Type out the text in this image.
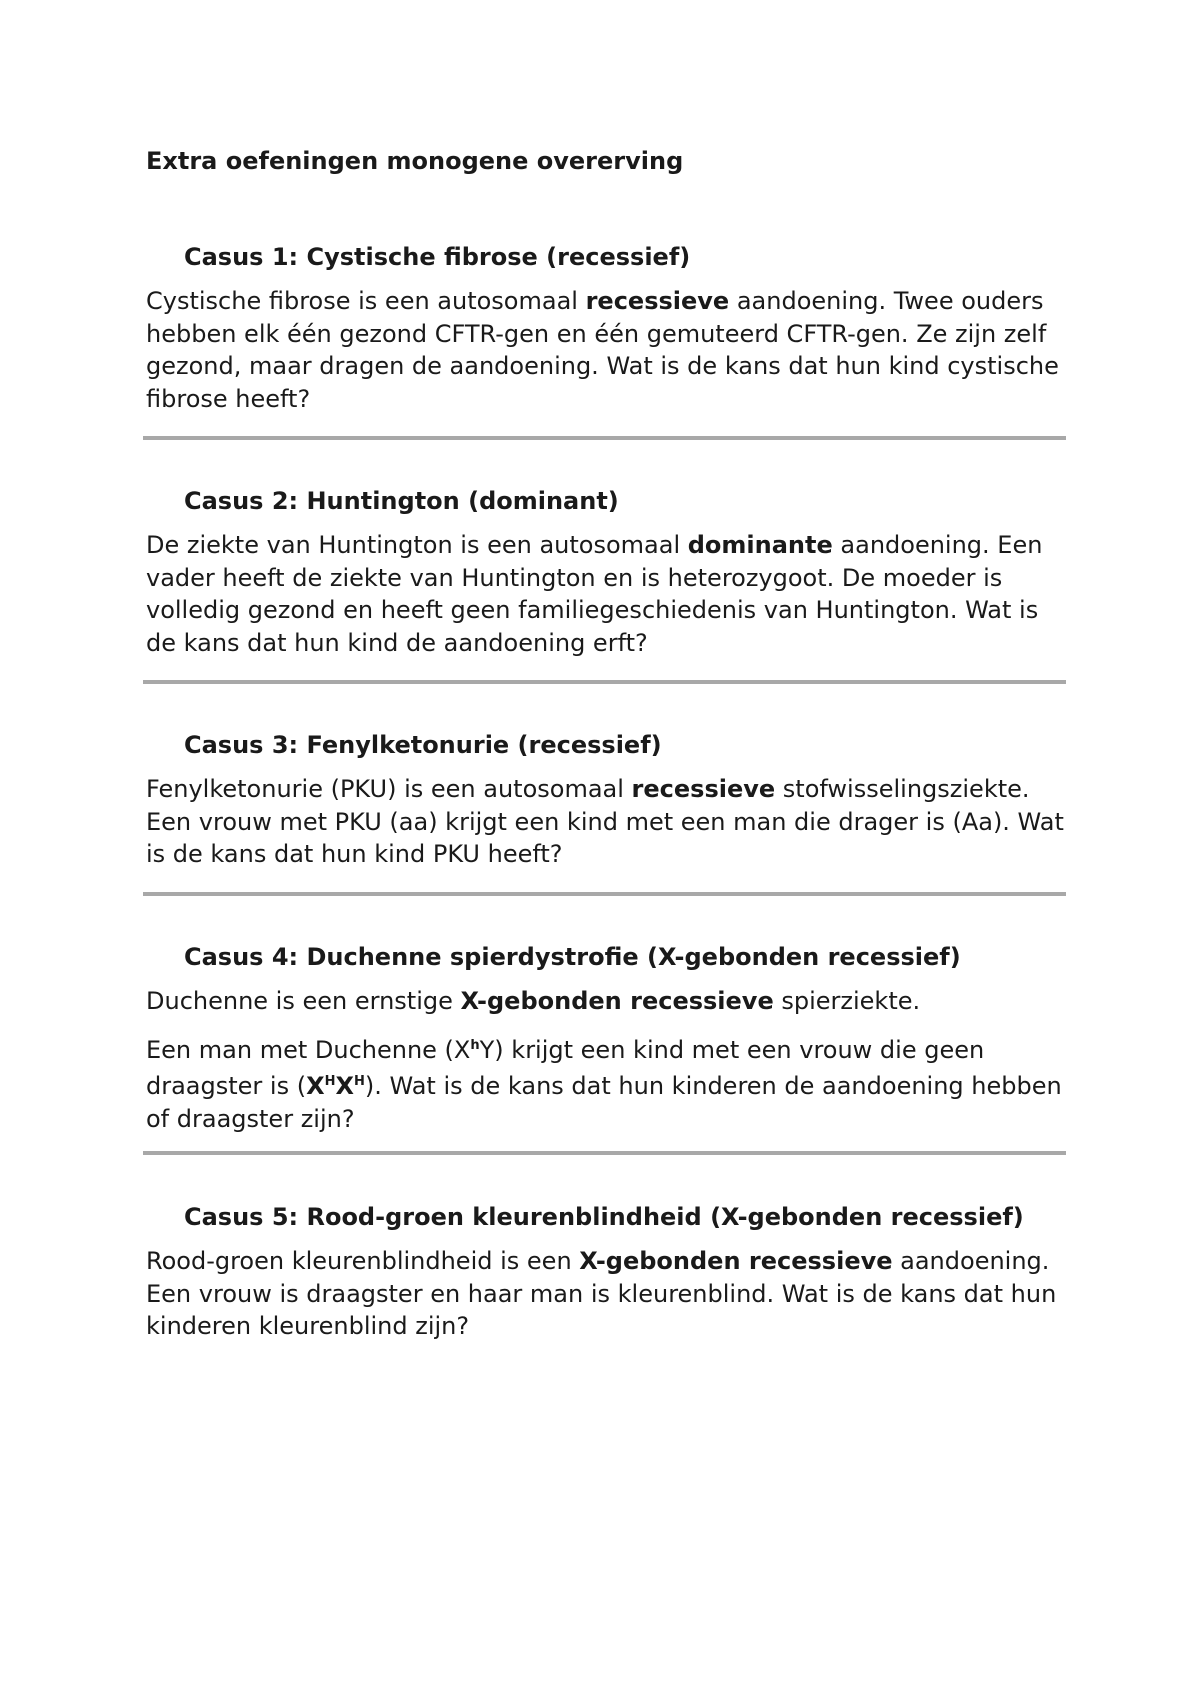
Extra oefeningen monogene overerving
Casus 1: Cystische fibrose (recessief)

Cystische fibrose is een autosomaal recessieve aandoening. Twee ouders hebben elk één gezond CFTR-gen en één gemuteerd CFTR-gen. Ze zijn zelf gezond, maar dragen de aandoening. Wat is de kans dat hun kind cystische fibrose heeft?

Casus 2: Huntington (dominant)

De ziekte van Huntington is een autosomaal dominante aandoening. Een vader heeft de ziekte van Huntington en is heterozygoot. De moeder is volledig gezond en heeft geen familiegeschiedenis van Huntington. Wat is de kans dat hun kind de aandoening erft?

Casus 3: Fenylketonurie (recessief)

Fenylketonurie (PKU) is een autosomaal recessieve stofwisselingsziekte. Een vrouw met PKU (aa) krijgt een kind met een man die drager is (Aa). Wat is de kans dat hun kind PKU heeft?

Casus 4: Duchenne spierdystrofie (X-gebonden recessief)

Duchenne is een ernstige X-gebonden recessieve spierziekte.

Een man met Duchenne $(X^hY)$ krijgt een kind met een vrouw die geen draagster is $(X^HX^H)$. Wat is de kans dat hun kinderen de aandoening hebben of draagster zijn?

Casus 5: Rood-groen kleurenblindheid (X-gebonden recessief)

Rood-groen kleurenblindheid is een X-gebonden recessieve aandoening. Een vrouw is draagster en haar man is kleurenblind. Wat is de kans dat hun kinderen kleurenblind zijn?
